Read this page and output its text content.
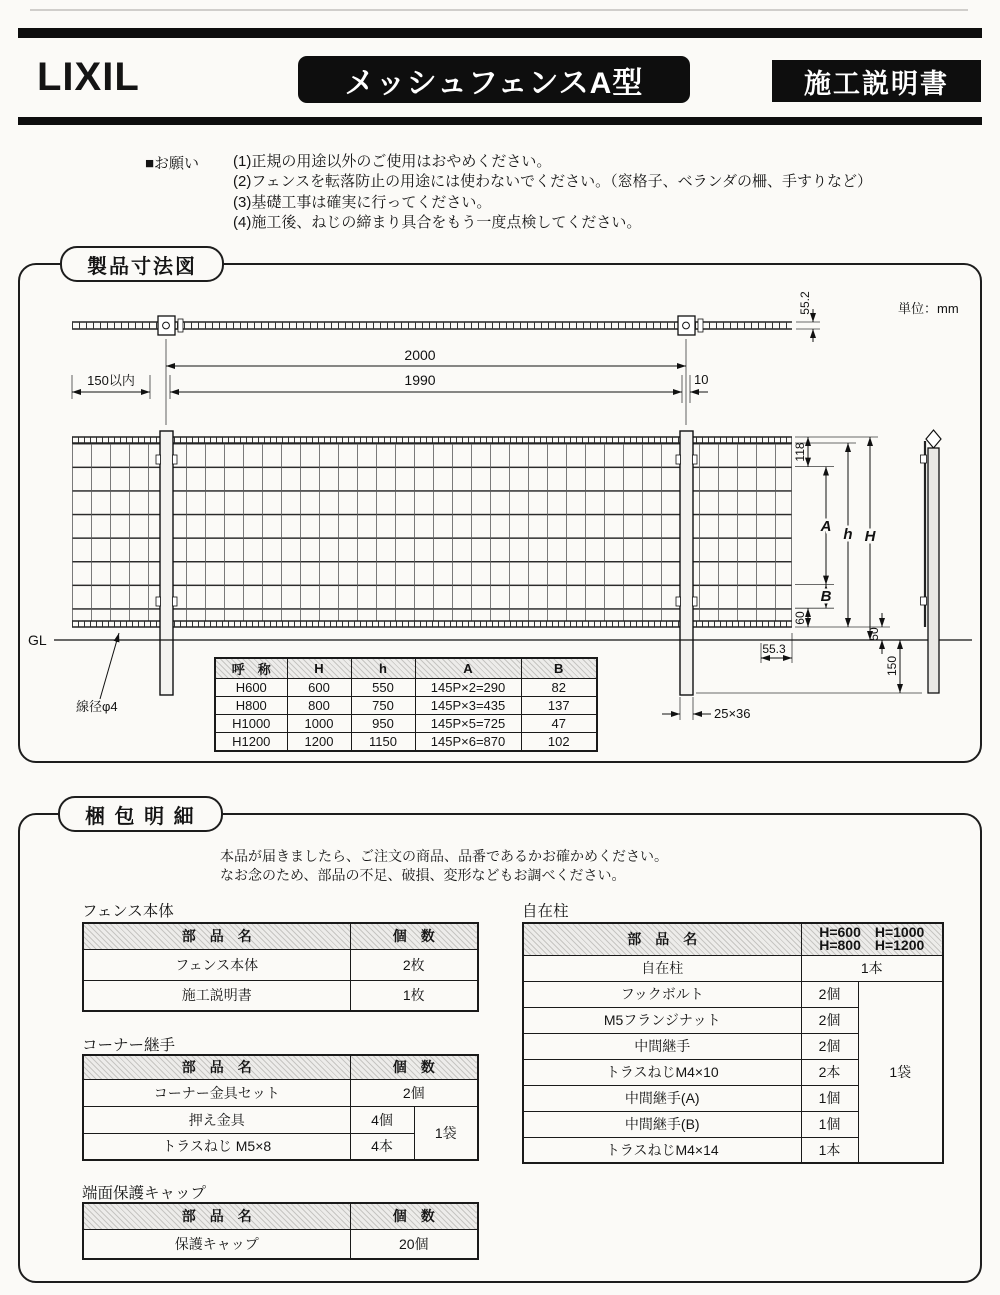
LIXIL	メッシュフェンスA型	施工説明書
■お願い (1)正規の用途以外のご使用はおやめください。
(2)フェンスを転落防止の用途には使わないでください。（窓格子、ベランダの柵、手すりなど）
(3)基礎工事は確実に行ってください。
(4)施工後、ねじの締まり具合をもう一度点検してください。
製品寸法図
55.2	単位：mm
2000
150以内	1990	10
118
A
B
60
h H
50
150
55.3
GL
線径φ4	25×36
呼　称	H	h	A	B
H600	600	550	145P×2=290	82
H800	800	750	145P×3=435	137
H1000	1000	950	145P×5=725	47
H1200	1200	1150	145P×6=870	102
梱 包 明 細
本品が届きましたら、ご注文の商品、品番であるかお確かめください。
なお念のため、部品の不足、破損、変形などもお調べください。
フェンス本体
部　品　名	個　数
フェンス本体	2枚
施工説明書	1枚
コーナー継手
部　品　名	個　数	
コーナー金具セット	2個	
押え金具	4個	1袋
トラスねじ M5×8	4本	
端面保護キャップ
部　品　名	個　数
保護キャップ	20個
自在柱
部　品　名	H=600　H=1000
H=800　H=1200	

自在柱	1本	
フックボルト	2個	1袋
M5フランジナット	2個	
中間継手	2個	
トラスねじM4×10	2本	
中間継手(A)	1個	
中間継手(B)	1個	
トラスねじM4×14	1本	
